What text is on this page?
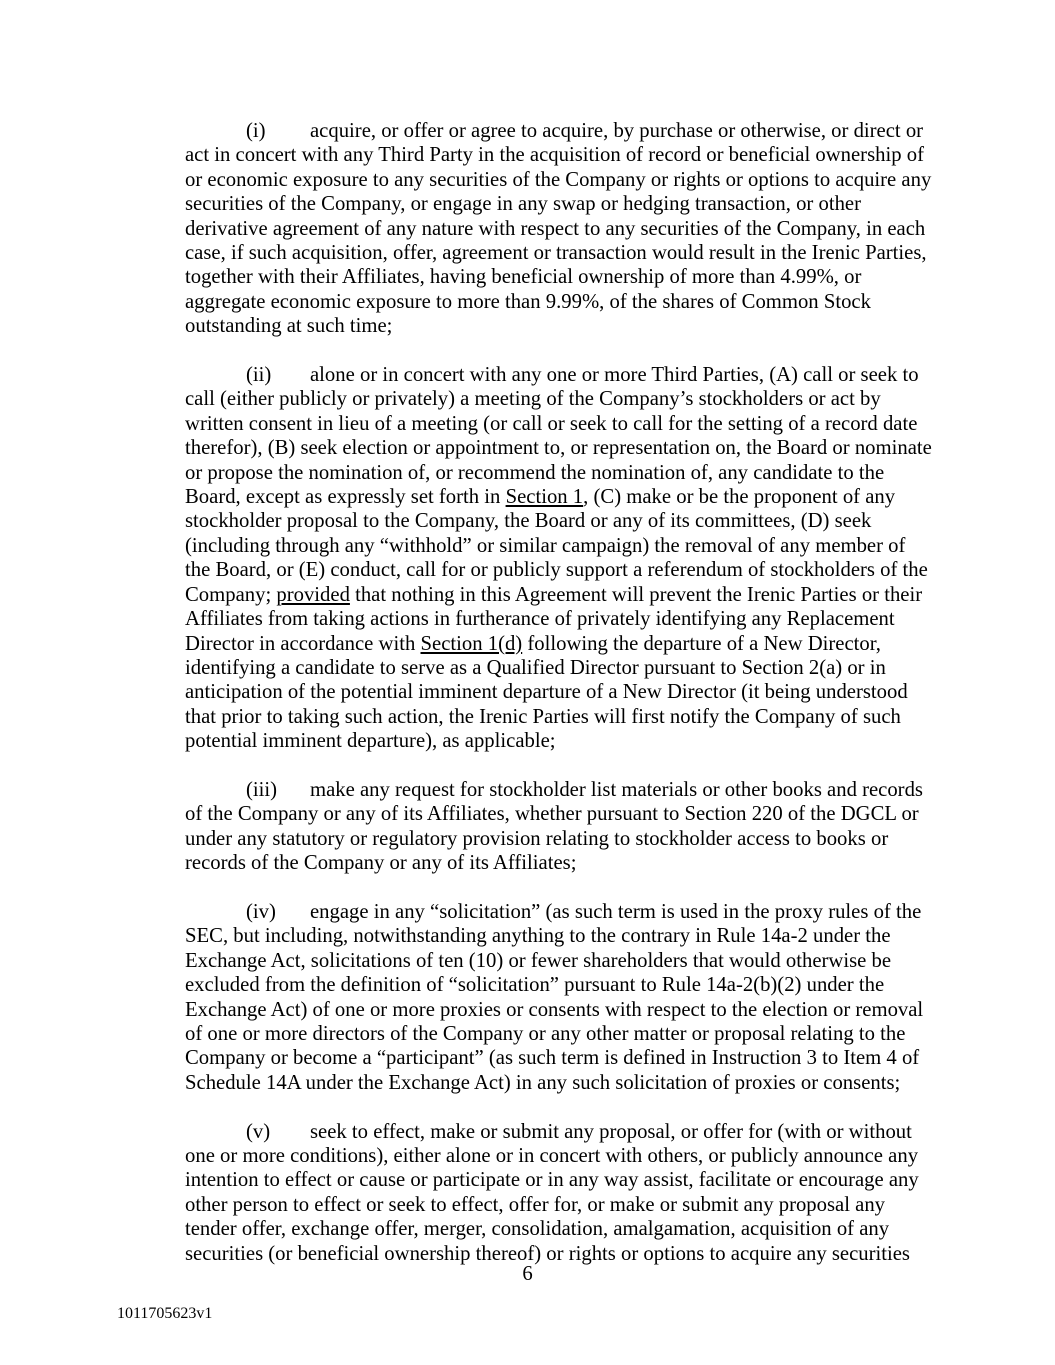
(i) acquire, or offer or agree to acquire, by purchase or otherwise, or direct or act in concert with any Third Party in the acquisition of record or beneficial ownership of or economic exposure to any securities of the Company or rights or options to acquire any securities of the Company, or engage in any swap or hedging transaction, or other derivative agreement of any nature with respect to any securities of the Company, in each case, if such acquisition, offer, agreement or transaction would result in the Irenic Parties, together with their Affiliates, having beneficial ownership of more than 4.99%, or aggregate economic exposure to more than 9.99%, of the shares of Common Stock outstanding at such time;
(ii) alone or in concert with any one or more Third Parties, (A) call or seek to call (either publicly or privately) a meeting of the Company’s stockholders or act by written consent in lieu of a meeting (or call or seek to call for the setting of a record date therefor), (B) seek election or appointment to, or representation on, the Board or nominate or propose the nomination of, or recommend the nomination of, any candidate to the Board, except as expressly set forth in Section 1, (C) make or be the proponent of any stockholder proposal to the Company, the Board or any of its committees, (D) seek (including through any “withhold” or similar campaign) the removal of any member of the Board, or (E) conduct, call for or publicly support a referendum of stockholders of the Company; provided that nothing in this Agreement will prevent the Irenic Parties or their Affiliates from taking actions in furtherance of privately identifying any Replacement Director in accordance with Section 1(d) following the departure of a New Director, identifying a candidate to serve as a Qualified Director pursuant to Section 2(a) or in anticipation of the potential imminent departure of a New Director (it being understood that prior to taking such action, the Irenic Parties will first notify the Company of such potential imminent departure), as applicable;
(iii) make any request for stockholder list materials or other books and records of the Company or any of its Affiliates, whether pursuant to Section 220 of the DGCL or under any statutory or regulatory provision relating to stockholder access to books or records of the Company or any of its Affiliates;
(iv) engage in any “solicitation” (as such term is used in the proxy rules of the SEC, but including, notwithstanding anything to the contrary in Rule 14a-2 under the Exchange Act, solicitations of ten (10) or fewer shareholders that would otherwise be excluded from the definition of “solicitation” pursuant to Rule 14a-2(b)(2) under the Exchange Act) of one or more proxies or consents with respect to the election or removal of one or more directors of the Company or any other matter or proposal relating to the Company or become a “participant” (as such term is defined in Instruction 3 to Item 4 of Schedule 14A under the Exchange Act) in any such solicitation of proxies or consents;
(v) seek to effect, make or submit any proposal, or offer for (with or without one or more conditions), either alone or in concert with others, or publicly announce any intention to effect or cause or participate or in any way assist, facilitate or encourage any other person to effect or seek to effect, offer for, or make or submit any proposal any tender offer, exchange offer, merger, consolidation, amalgamation, acquisition of any securities (or beneficial ownership thereof) or rights or options to acquire any securities
6
1011705623v1
